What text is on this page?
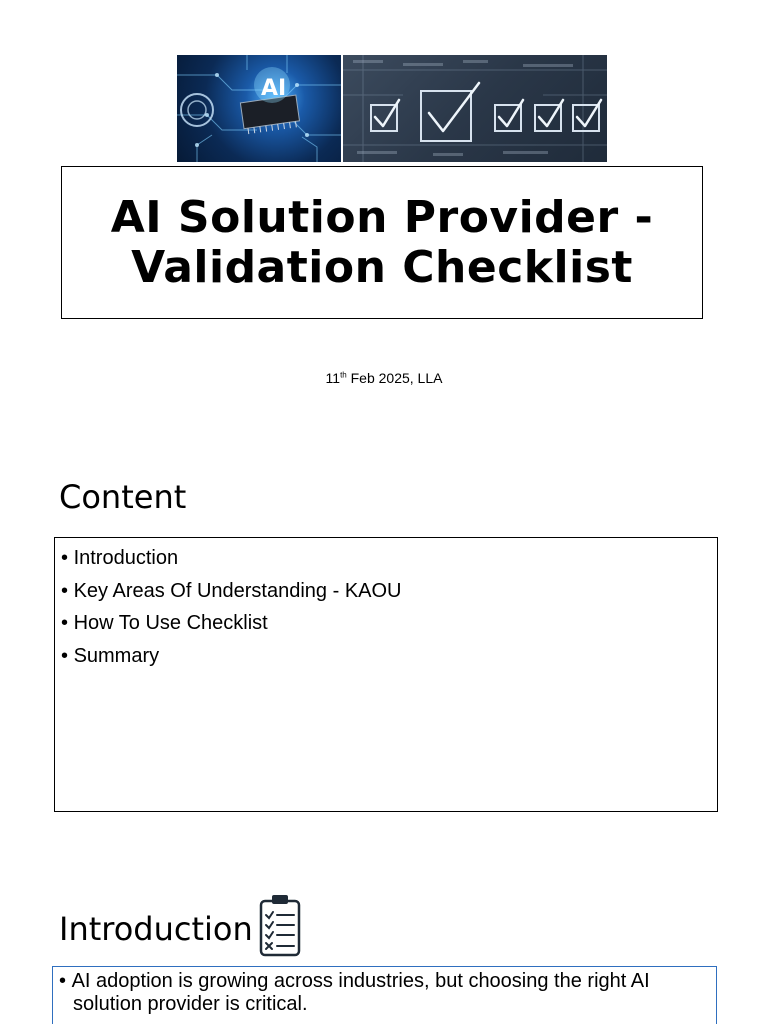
AI
AI Solution Provider - Validation Checklist
11th Feb 2025, LLA
Content
• Introduction
• Key Areas Of Understanding - KAOU
• How To Use Checklist
• Summary
Introduction
• AI adoption is growing across industries, but choosing the right AI solution provider is critical.
